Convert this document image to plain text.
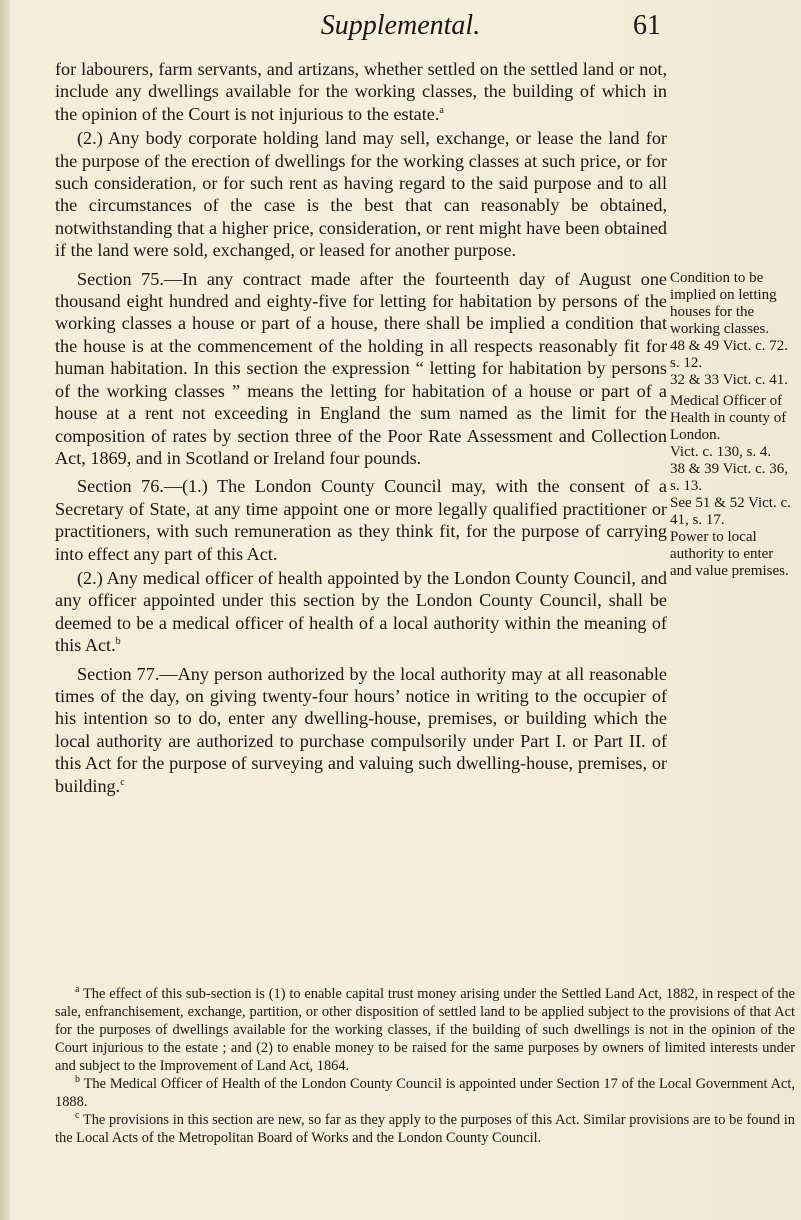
Supplemental.	61

for labourers, farm servants, and artizans, whether settled on the settled land or not, include any dwellings available for the working classes, the building of which in the opinion of the Court is not injurious to the estate.$^a$

(2.) Any body corporate holding land may sell, exchange, or lease the land for the purpose of the erection of dwellings for the working classes at such price, or for such consideration, or for such rent as having regard to the said purpose and to all the circumstances of the case is the best that can reasonably be obtained, notwithstanding that a higher price, consideration, or rent might have been obtained if the land were sold, exchanged, or leased for another purpose.

Section 75.—In any contract made after the fourteenth day of August one thousand eight hundred and eighty-five for letting for habitation by persons of the working classes a house or part of a house, there shall be implied a condition that the house is at the commencement of the holding in all respects reasonably fit for human habitation. In this section the expression “ letting for habitation by persons of the working classes ” means the letting for habitation of a house or part of a house at a rent not exceeding in England the sum named as the limit for the composition of rates by section three of the Poor Rate Assessment and Collection Act, 1869, and in Scotland or Ireland four pounds.

Section 76.—(1.) The London County Council may, with the consent of a Secretary of State, at any time appoint one or more legally qualified practitioner or practitioners, with such remuneration as they think fit, for the purpose of carrying into effect any part of this Act.

(2.) Any medical officer of health appointed by the London County Council, and any officer appointed under this section by the London County Council, shall be deemed to be a medical officer of health of a local authority within the meaning of this Act.$^b$

Section 77.—Any person authorized by the local authority may at all reasonable times of the day, on giving twenty-four hours’ notice in writing to the occupier of his intention so to do, enter any dwelling-house, premises, or building which the local authority are authorized to purchase compulsorily under Part I. or Part II. of this Act for the purpose of surveying and valuing such dwelling-house, premises, or building.$^c$

Condition to be implied on letting houses for the working classes.

48 & 49 Vict. c. 72. s. 12.

32 & 33 Vict. c. 41.

Medical Officer of Health in county of London.

Vict. c. 130, s. 4.

38 & 39 Vict. c. 36, s. 13.

See 51 & 52 Vict. c. 41, s. 17.

Power to local authority to enter and value premises.

$^a$ The effect of this sub-section is (1) to enable capital trust money arising under the Settled Land Act, 1882, in respect of the sale, enfranchisement, exchange, partition, or other disposition of settled land to be applied subject to the provisions of that Act for the purposes of dwellings available for the working classes, if the building of such dwellings is not in the opinion of the Court injurious to the estate ; and (2) to enable money to be raised for the same purposes by owners of limited interests under and subject to the Improvement of Land Act, 1864.

$^b$ The Medical Officer of Health of the London County Council is appointed under Section 17 of the Local Government Act, 1888.

$^c$ The provisions in this section are new, so far as they apply to the purposes of this Act. Similar provisions are to be found in the Local Acts of the Metropolitan Board of Works and the London County Council.
